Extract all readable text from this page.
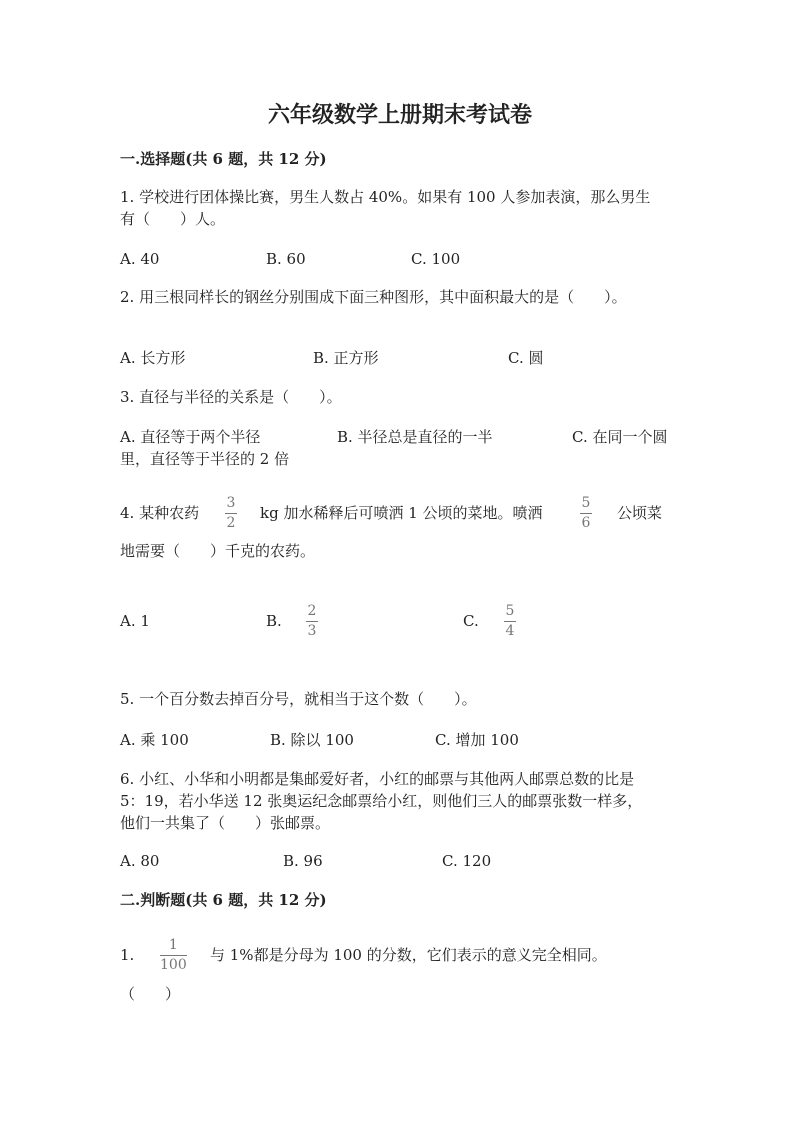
六年级数学上册期末考试卷
一.选择题(共 6 题，共 12 分)
1. 学校进行团体操比赛，男生人数占 40%。如果有 100 人参加表演，那么男生
有（　　）人。
A. 40	B. 60	C. 100
2. 用三根同样长的钢丝分别围成下面三种图形，其中面积最大的是（　　）。
A. 长方形	B. 正方形	C. 圆
3. 直径与半径的关系是（　　）。
A. 直径等于两个半径	B. 半径总是直径的一半	C. 在同一个圆
里，直径等于半径的 2 倍
4. 某种农药
3
2
kg 加水稀释后可喷洒 1 公顷的菜地。喷洒
5
6
公顷菜
地需要（　　）千克的农药。
A. 1	B.
2
3
C.
5
4
5. 一个百分数去掉百分号，就相当于这个数（　　）。
A. 乘 100	B. 除以 100	C. 增加 100
6. 小红、小华和小明都是集邮爱好者，小红的邮票与其他两人邮票总数的比是
5：19，若小华送 12 张奥运纪念邮票给小红，则他们三人的邮票张数一样多，
他们一共集了（　　）张邮票。
A. 80	B. 96	C. 120
二.判断题(共 6 题，共 12 分)
1.
1
100
与 1%都是分母为 100 的分数，它们表示的意义完全相同。
（　　）
